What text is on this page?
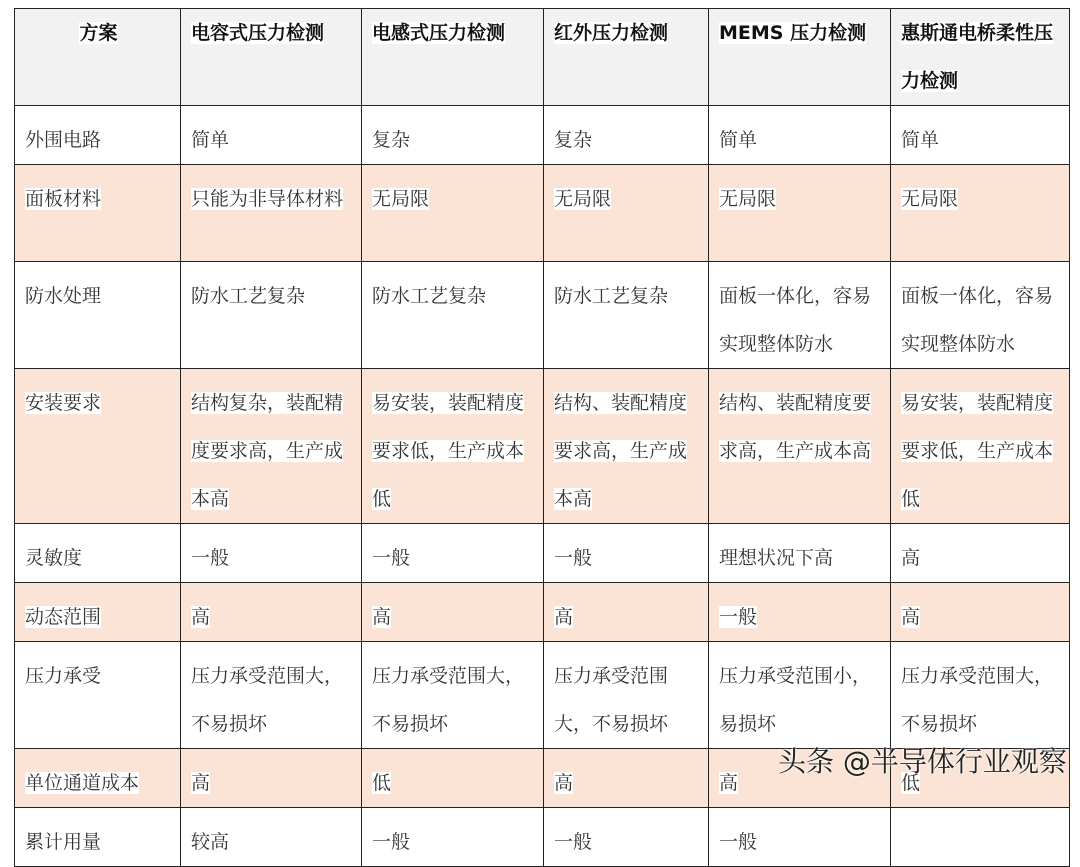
方案	电容式压力检测	电感式压力检测	红外压力检测	MEMS 压力检测	惠斯通电桥柔性压力检测
外围电路	简单	复杂	复杂	简单	简单
面板材料	只能为非导体材料	无局限	无局限	无局限	无局限
防水处理	防水工艺复杂	防水工艺复杂	防水工艺复杂	面板一体化，容易实现整体防水	面板一体化，容易实现整体防水
安装要求	结构复杂，装配精度要求高，生产成本高	易安装，装配精度要求低，生产成本低	结构、装配精度要求高，生产成本高	结构、装配精度要求高，生产成本高	易安装，装配精度要求低，生产成本低
灵敏度	一般	一般	一般	理想状况下高	高
动态范围	高	高	高	一般	高
压力承受	压力承受范围大，不易损坏	压力承受范围大，不易损坏	压力承受范围大，不易损坏	压力承受范围小，易损坏	压力承受范围大，不易损坏
单位通道成本	高	低	高	高	低
累计用量	较高	一般	一般	一般	
头条 @半导体行业观察
